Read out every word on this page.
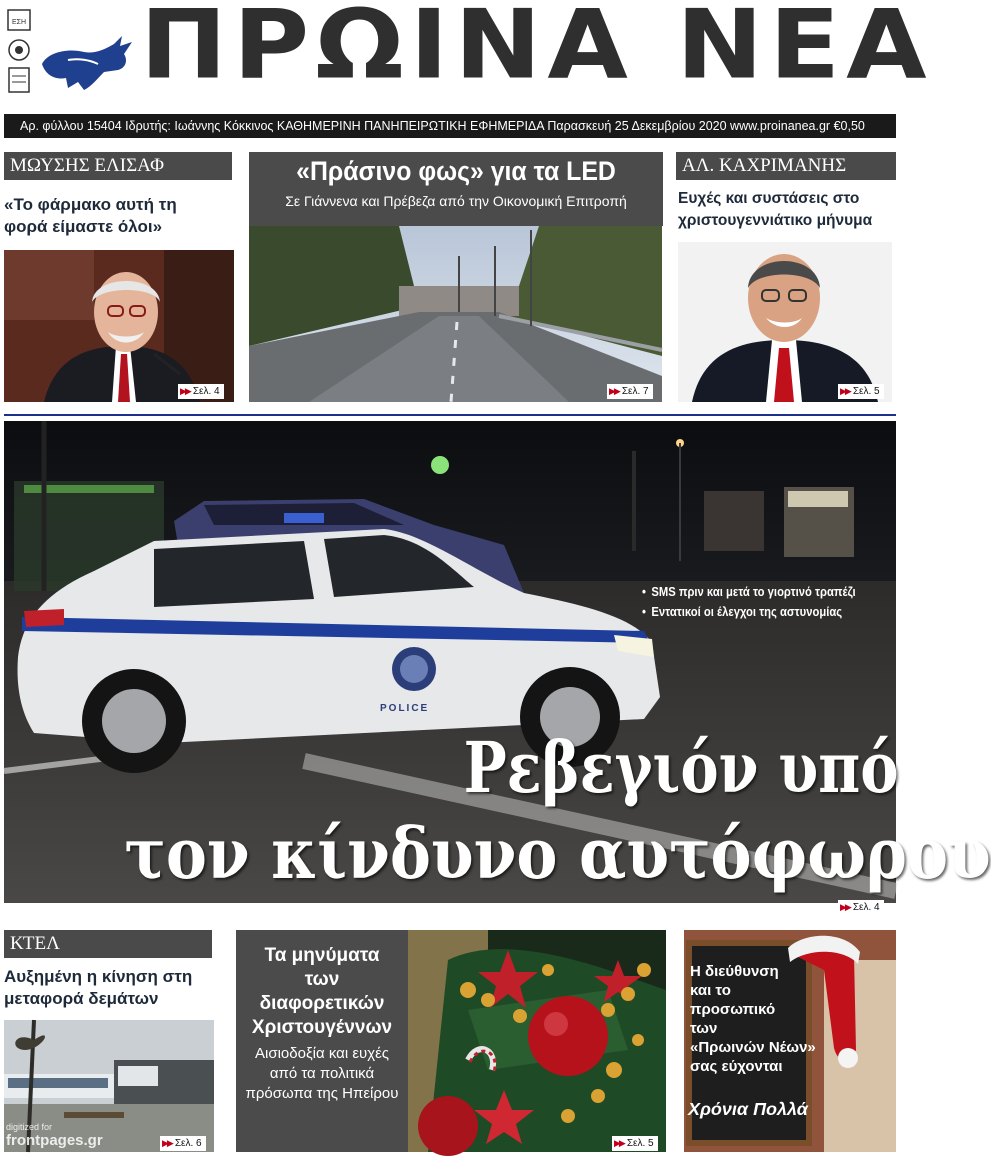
ΕΣΗ ΠΡΩΙΝΑ ΝΕΑ
Αρ. φύλλου 15404 Ιδρυτής: Ιωάννης Κόκκινος ΚΑΘΗΜΕΡΙΝΗ ΠΑΝΗΠΕΙΡΩΤΙΚΗ ΕΦΗΜΕΡΙΔΑ Παρασκευή 25 Δεκεμβρίου 2020 www.proinanea.gr €0,50
ΜΩΥΣΗΣ ΕΛΙΣΑΦ
«Το φάρμακο αυτή τη
φορά είμαστε όλοι»
▶▶ Σελ. 4
«Πράσινο φως» για τα LED
Σε Γιάννενα και Πρέβεζα από την Οικονομική Επιτροπή
▶▶ Σελ. 7
ΑΛ. ΚΑΧΡΙΜΑΝΗΣ
Ευχές και συστάσεις στο
χριστουγεννιάτικο μήνυμα
▶▶ Σελ. 5
POLICE
• SMS πριν και μετά το γιορτινό τραπέζι
• Εντατικοί οι έλεγχοι της αστυνομίας
Ρεβεγιόν υπό
τον κίνδυνο αυτόφωρου
▶▶ Σελ. 4
ΚΤΕΛ
Αυξημένη η κίνηση στη
μεταφορά δεμάτων
digitized for
frontpages.gr	▶▶ Σελ. 6
Τα μηνύματα
των
διαφορετικών
Χριστουγέννων
Αισιοδοξία και ευχές
από τα πολιτικά
πρόσωπα της Ηπείρου
▶▶ Σελ. 5
Η διεύθυνση
και το
προσωπικό
των
«Πρωινών Νέων»
σας εύχονται
Χρόνια Πολλά
